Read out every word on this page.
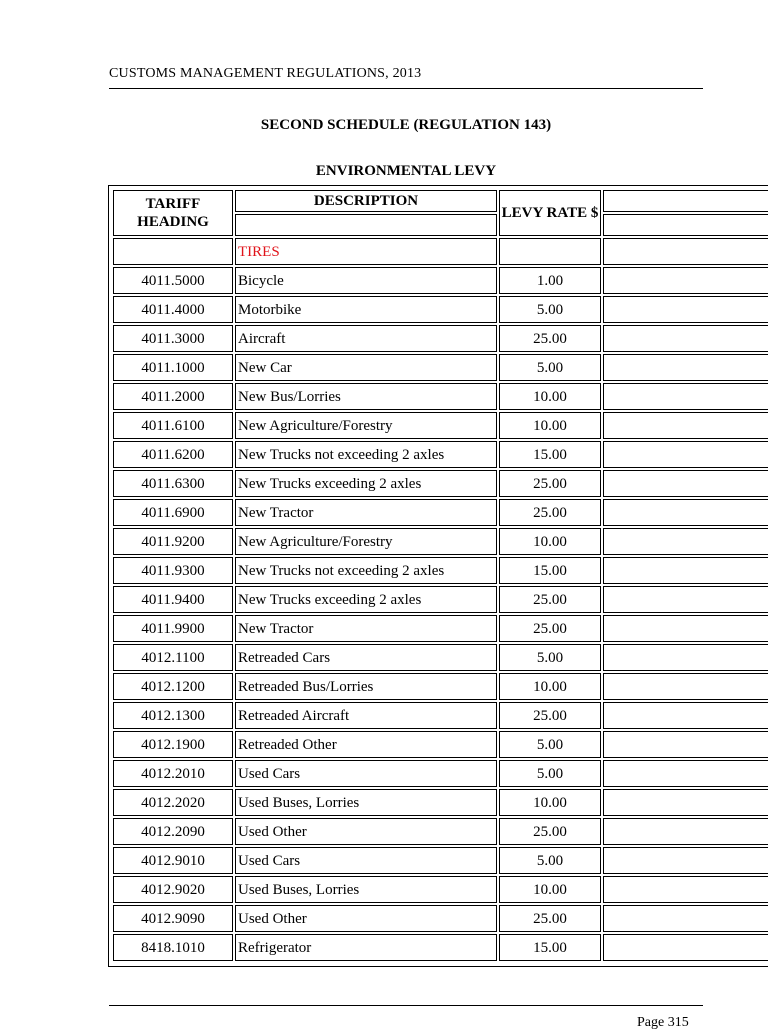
CUSTOMS MANAGEMENT REGULATIONS, 2013
SECOND SCHEDULE (REGULATION 143)
ENVIRONMENTAL LEVY
TARIFF HEADING	DESCRIPTION	LEVY RATE $	

	TIRES		
4011.5000	Bicycle	1.00	
4011.4000	Motorbike	5.00	
4011.3000	Aircraft	25.00	
4011.1000	New Car	5.00	
4011.2000	New Bus/Lorries	10.00	
4011.6100	New Agriculture/Forestry	10.00	
4011.6200	New Trucks not exceeding 2 axles	15.00	
4011.6300	New Trucks exceeding 2 axles	25.00	
4011.6900	New Tractor	25.00	
4011.9200	New Agriculture/Forestry	10.00	
4011.9300	New Trucks not exceeding 2 axles	15.00	
4011.9400	New Trucks exceeding 2 axles	25.00	
4011.9900	New Tractor	25.00	
4012.1100	Retreaded Cars	5.00	
4012.1200	Retreaded Bus/Lorries	10.00	
4012.1300	Retreaded Aircraft	25.00	
4012.1900	Retreaded Other	5.00	
4012.2010	Used Cars	5.00	
4012.2020	Used Buses, Lorries	10.00	
4012.2090	Used Other	25.00	
4012.9010	Used Cars	5.00	
4012.9020	Used Buses, Lorries	10.00	
4012.9090	Used Other	25.00	
8418.1010	Refrigerator	15.00	
Page 315
